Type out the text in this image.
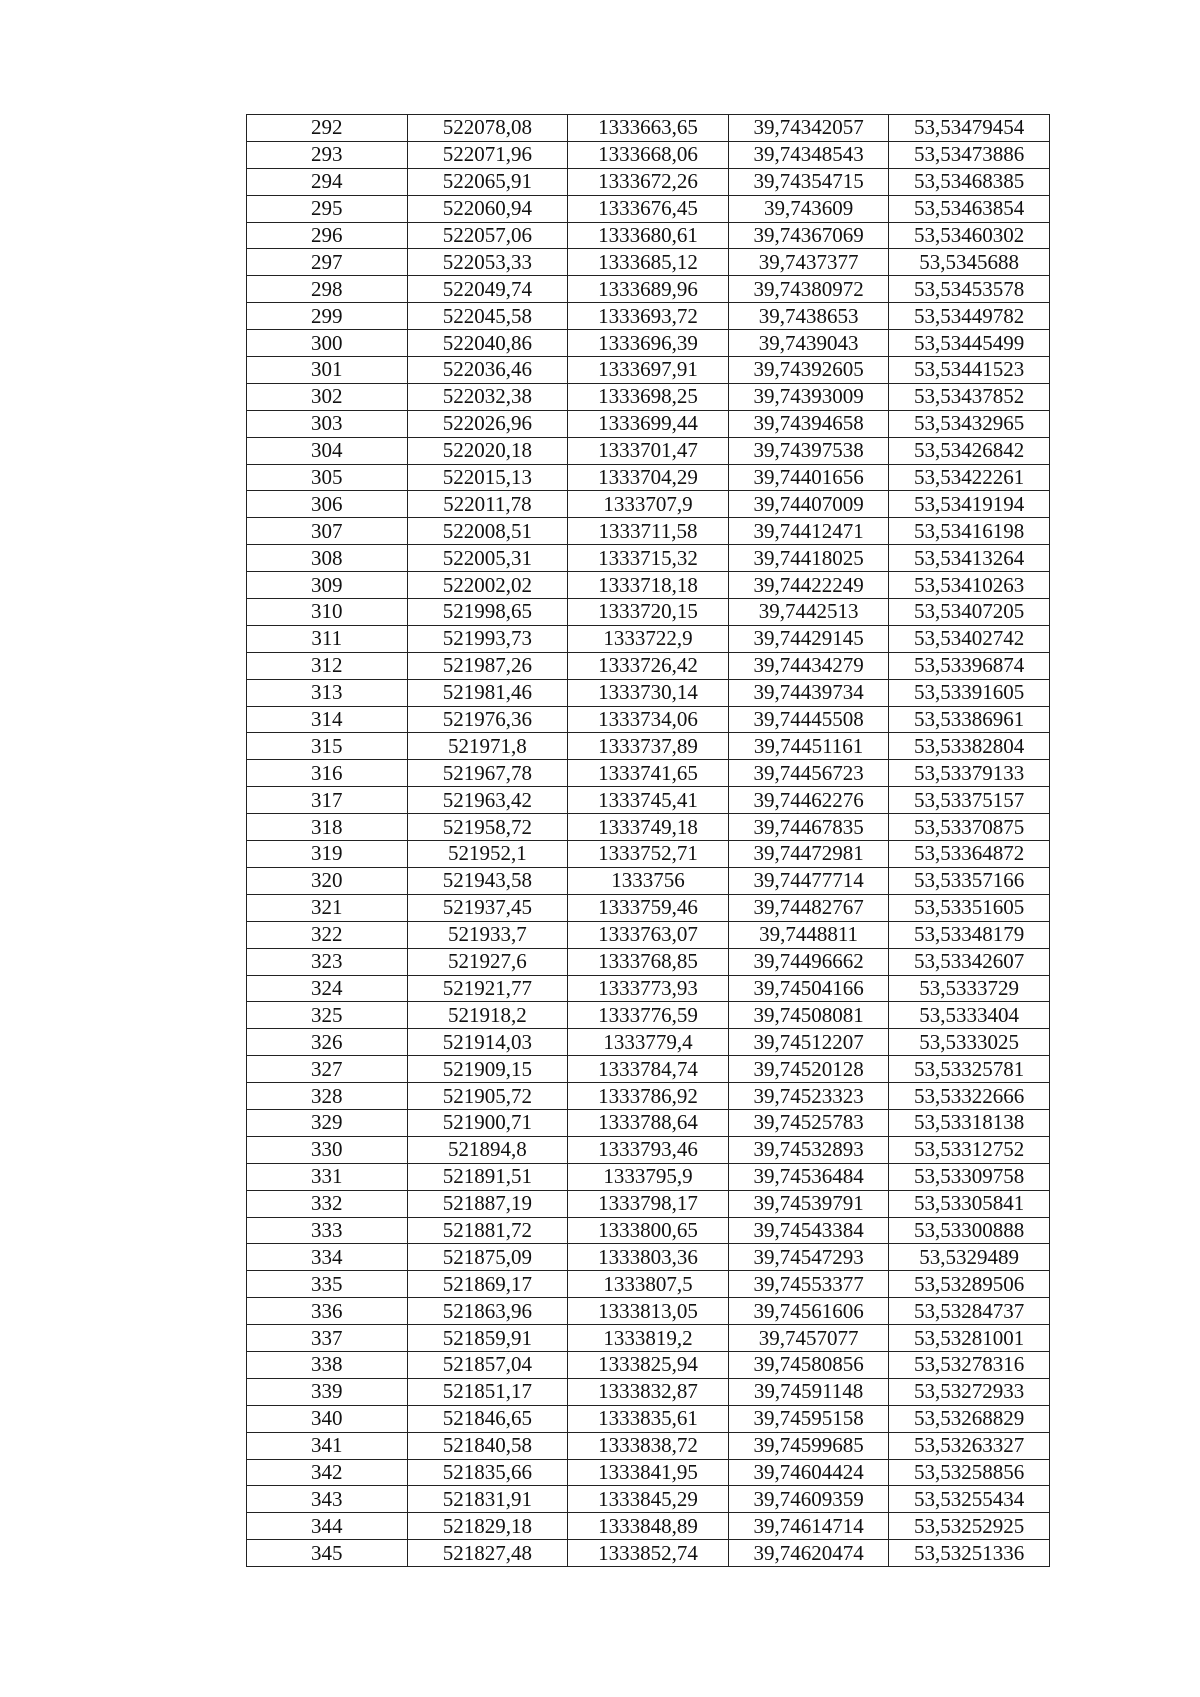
292	522078,08	1333663,65	39,74342057	53,53479454
293	522071,96	1333668,06	39,74348543	53,53473886
294	522065,91	1333672,26	39,74354715	53,53468385
295	522060,94	1333676,45	39,743609	53,53463854
296	522057,06	1333680,61	39,74367069	53,53460302
297	522053,33	1333685,12	39,7437377	53,5345688
298	522049,74	1333689,96	39,74380972	53,53453578
299	522045,58	1333693,72	39,7438653	53,53449782
300	522040,86	1333696,39	39,7439043	53,53445499
301	522036,46	1333697,91	39,74392605	53,53441523
302	522032,38	1333698,25	39,74393009	53,53437852
303	522026,96	1333699,44	39,74394658	53,53432965
304	522020,18	1333701,47	39,74397538	53,53426842
305	522015,13	1333704,29	39,74401656	53,53422261
306	522011,78	1333707,9	39,74407009	53,53419194
307	522008,51	1333711,58	39,74412471	53,53416198
308	522005,31	1333715,32	39,74418025	53,53413264
309	522002,02	1333718,18	39,74422249	53,53410263
310	521998,65	1333720,15	39,7442513	53,53407205
311	521993,73	1333722,9	39,74429145	53,53402742
312	521987,26	1333726,42	39,74434279	53,53396874
313	521981,46	1333730,14	39,74439734	53,53391605
314	521976,36	1333734,06	39,74445508	53,53386961
315	521971,8	1333737,89	39,74451161	53,53382804
316	521967,78	1333741,65	39,74456723	53,53379133
317	521963,42	1333745,41	39,74462276	53,53375157
318	521958,72	1333749,18	39,74467835	53,53370875
319	521952,1	1333752,71	39,74472981	53,53364872
320	521943,58	1333756	39,74477714	53,53357166
321	521937,45	1333759,46	39,74482767	53,53351605
322	521933,7	1333763,07	39,7448811	53,53348179
323	521927,6	1333768,85	39,74496662	53,53342607
324	521921,77	1333773,93	39,74504166	53,5333729
325	521918,2	1333776,59	39,74508081	53,5333404
326	521914,03	1333779,4	39,74512207	53,5333025
327	521909,15	1333784,74	39,74520128	53,53325781
328	521905,72	1333786,92	39,74523323	53,53322666
329	521900,71	1333788,64	39,74525783	53,53318138
330	521894,8	1333793,46	39,74532893	53,53312752
331	521891,51	1333795,9	39,74536484	53,53309758
332	521887,19	1333798,17	39,74539791	53,53305841
333	521881,72	1333800,65	39,74543384	53,53300888
334	521875,09	1333803,36	39,74547293	53,5329489
335	521869,17	1333807,5	39,74553377	53,53289506
336	521863,96	1333813,05	39,74561606	53,53284737
337	521859,91	1333819,2	39,7457077	53,53281001
338	521857,04	1333825,94	39,74580856	53,53278316
339	521851,17	1333832,87	39,74591148	53,53272933
340	521846,65	1333835,61	39,74595158	53,53268829
341	521840,58	1333838,72	39,74599685	53,53263327
342	521835,66	1333841,95	39,74604424	53,53258856
343	521831,91	1333845,29	39,74609359	53,53255434
344	521829,18	1333848,89	39,74614714	53,53252925
345	521827,48	1333852,74	39,74620474	53,53251336
